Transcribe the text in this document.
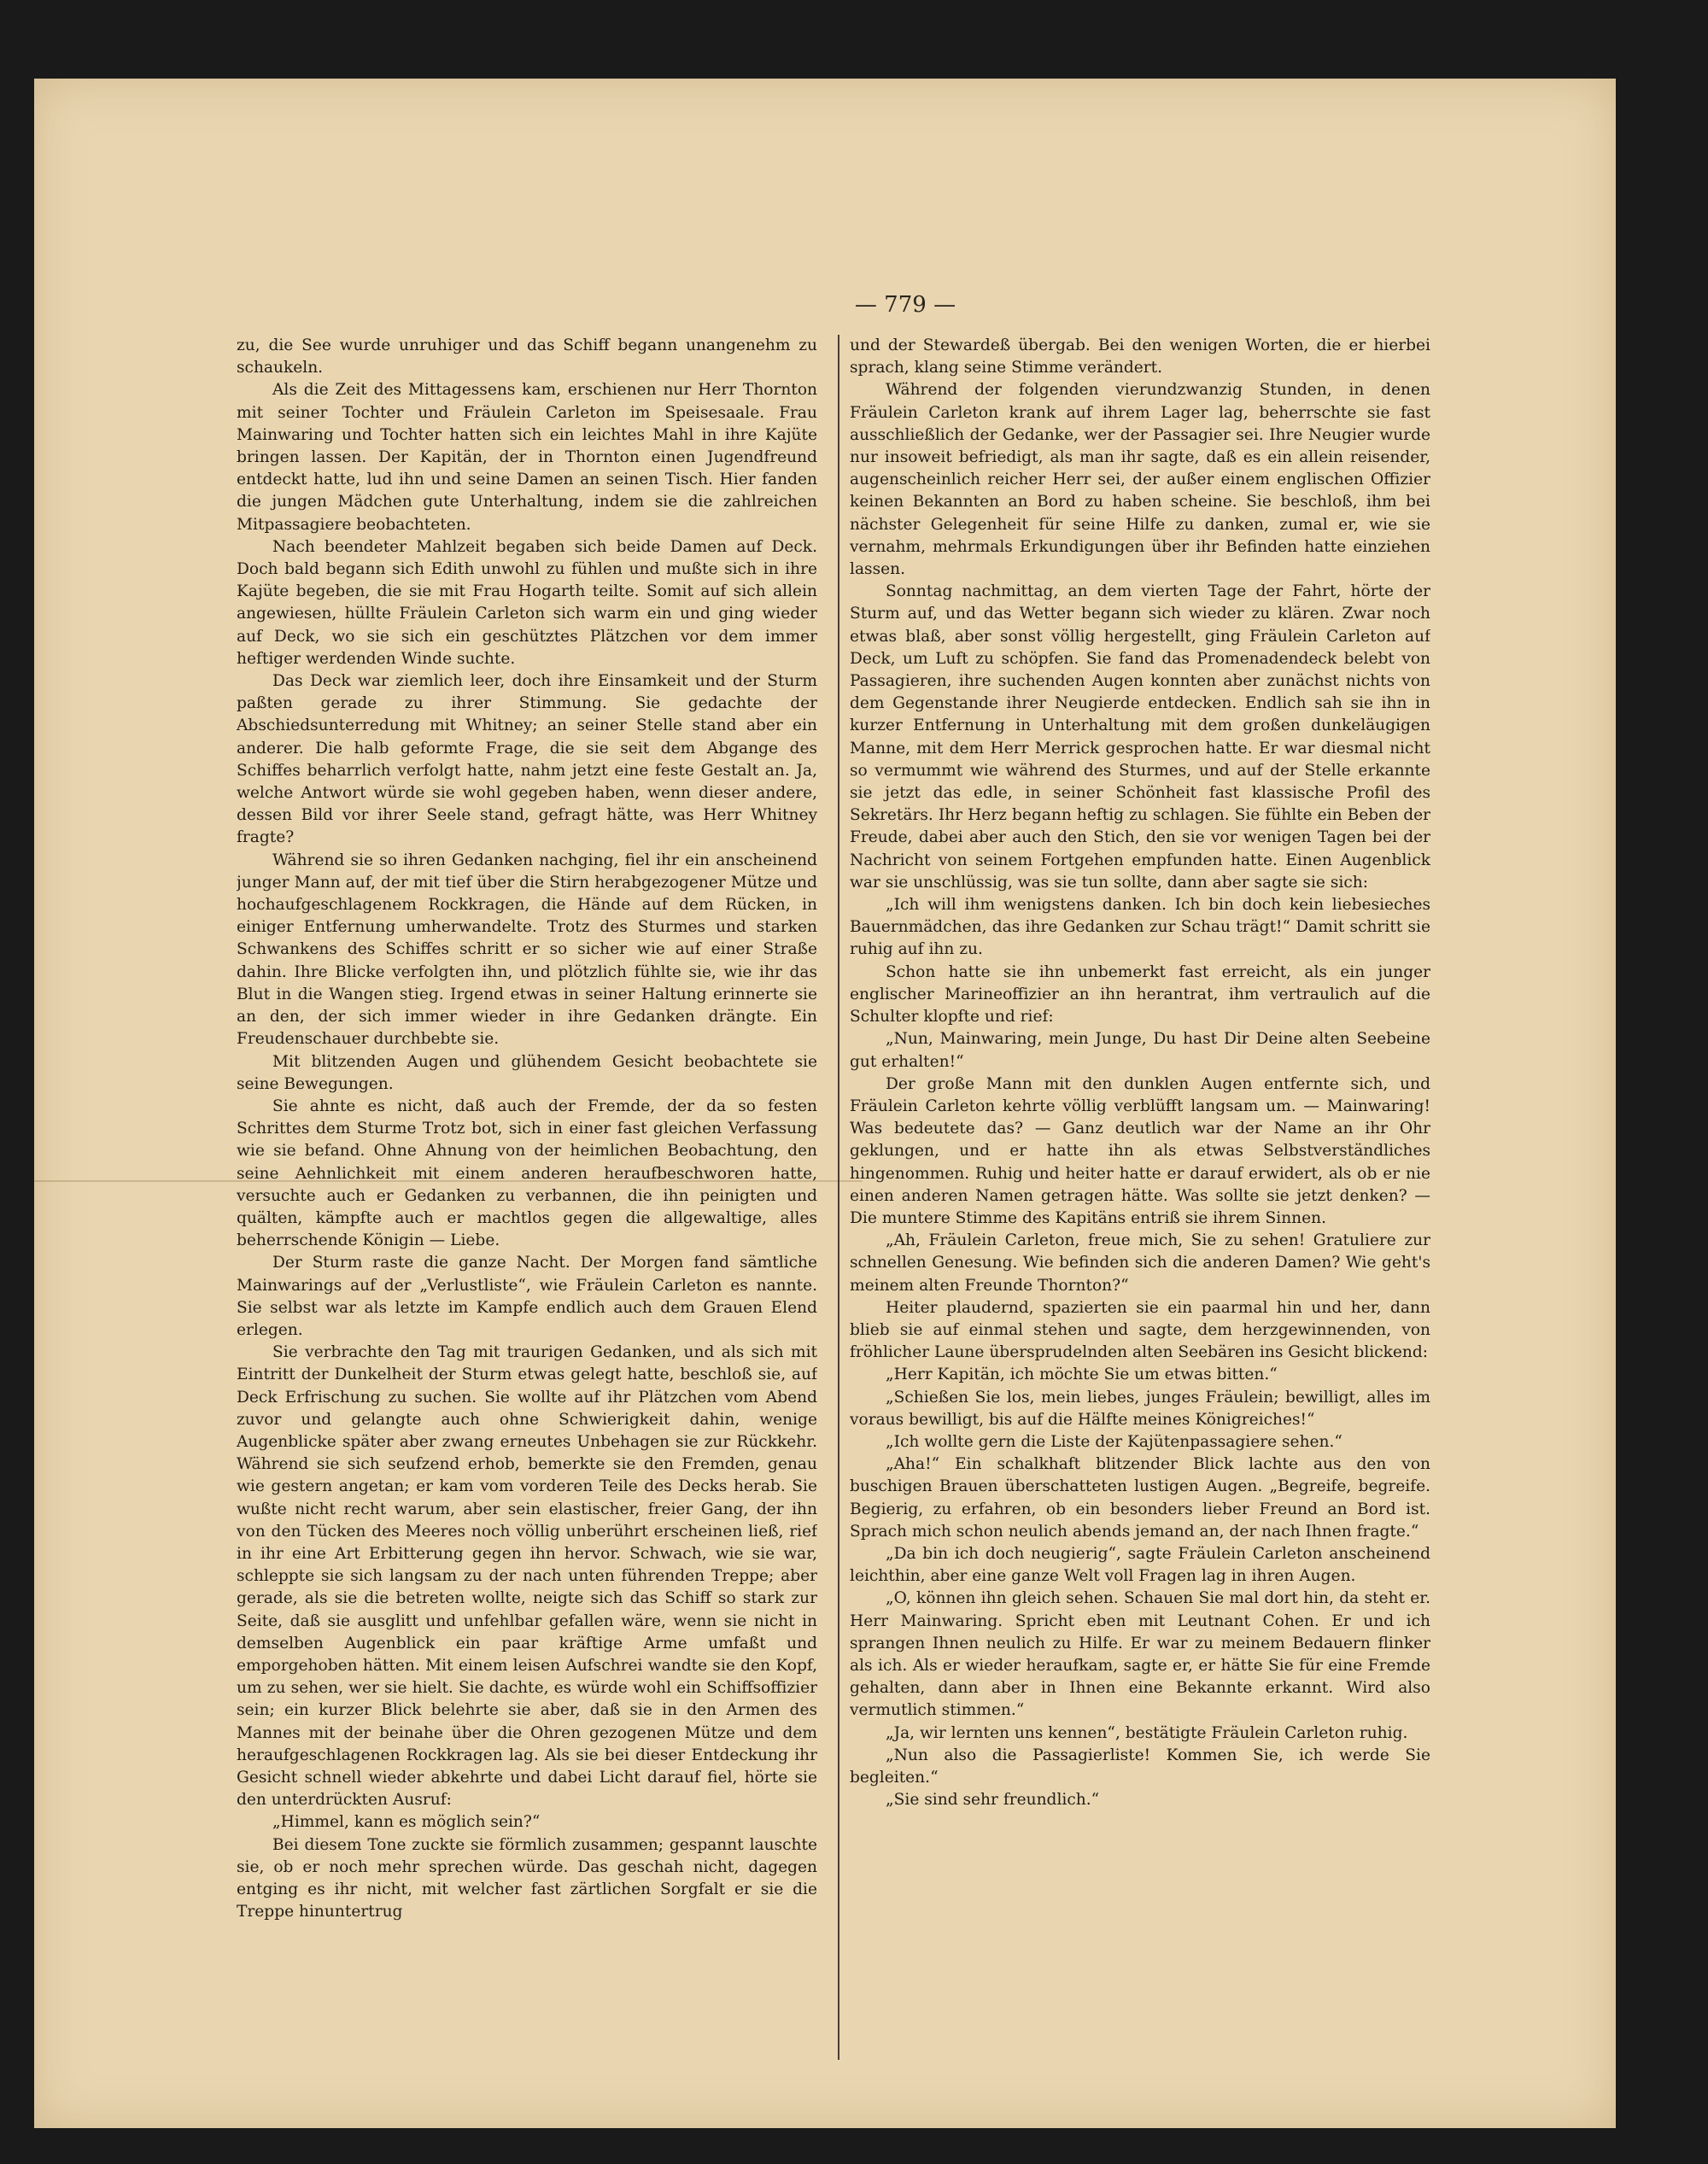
— 779 —

zu, die See wurde unruhiger und das Schiff begann unangenehm zu schaukeln.

Als die Zeit des Mittagessens kam, erschienen nur Herr Thornton mit seiner Tochter und Fräulein Carleton im Speisesaale. Frau Mainwaring und Tochter hatten sich ein leichtes Mahl in ihre Kajüte bringen lassen. Der Kapitän, der in Thornton einen Jugendfreund entdeckt hatte, lud ihn und seine Damen an seinen Tisch. Hier fanden die jungen Mädchen gute Unterhaltung, indem sie die zahlreichen Mitpassagiere beobachteten.

Nach beendeter Mahlzeit begaben sich beide Damen auf Deck. Doch bald begann sich Edith unwohl zu fühlen und mußte sich in ihre Kajüte begeben, die sie mit Frau Hogarth teilte. Somit auf sich allein angewiesen, hüllte Fräulein Carleton sich warm ein und ging wieder auf Deck, wo sie sich ein geschütztes Plätzchen vor dem immer heftiger werdenden Winde suchte.

Das Deck war ziemlich leer, doch ihre Einsamkeit und der Sturm paßten gerade zu ihrer Stimmung. Sie gedachte der Abschiedsunterredung mit Whitney; an seiner Stelle stand aber ein anderer. Die halb geformte Frage, die sie seit dem Abgange des Schiffes beharrlich verfolgt hatte, nahm jetzt eine feste Gestalt an. Ja, welche Antwort würde sie wohl gegeben haben, wenn dieser andere, dessen Bild vor ihrer Seele stand, gefragt hätte, was Herr Whitney fragte?

Während sie so ihren Gedanken nachging, fiel ihr ein anscheinend junger Mann auf, der mit tief über die Stirn herabgezogener Mütze und hochaufgeschlagenem Rockkragen, die Hände auf dem Rücken, in einiger Entfernung umherwandelte. Trotz des Sturmes und starken Schwankens des Schiffes schritt er so sicher wie auf einer Straße dahin. Ihre Blicke verfolgten ihn, und plötzlich fühlte sie, wie ihr das Blut in die Wangen stieg. Irgend etwas in seiner Haltung erinnerte sie an den, der sich immer wieder in ihre Gedanken drängte. Ein Freudenschauer durchbebte sie.

Mit blitzenden Augen und glühendem Gesicht beobachtete sie seine Bewegungen.

Sie ahnte es nicht, daß auch der Fremde, der da so festen Schrittes dem Sturme Trotz bot, sich in einer fast gleichen Verfassung wie sie befand. Ohne Ahnung von der heimlichen Beobachtung, den seine Aehnlichkeit mit einem anderen heraufbeschworen hatte, versuchte auch er Gedanken zu verbannen, die ihn peinigten und quälten, kämpfte auch er machtlos gegen die allgewaltige, alles beherrschende Königin — Liebe.

Der Sturm raste die ganze Nacht. Der Morgen fand sämtliche Mainwarings auf der „Verlustliste“, wie Fräulein Carleton es nannte. Sie selbst war als letzte im Kampfe endlich auch dem Grauen Elend erlegen.

Sie verbrachte den Tag mit traurigen Gedanken, und als sich mit Eintritt der Dunkelheit der Sturm etwas gelegt hatte, beschloß sie, auf Deck Erfrischung zu suchen. Sie wollte auf ihr Plätzchen vom Abend zuvor und gelangte auch ohne Schwierigkeit dahin, wenige Augenblicke später aber zwang erneutes Unbehagen sie zur Rückkehr. Während sie sich seufzend erhob, bemerkte sie den Fremden, genau wie gestern angetan; er kam vom vorderen Teile des Decks herab. Sie wußte nicht recht warum, aber sein elastischer, freier Gang, der ihn von den Tücken des Meeres noch völlig unberührt erscheinen ließ, rief in ihr eine Art Erbitterung gegen ihn hervor. Schwach, wie sie war, schleppte sie sich langsam zu der nach unten führenden Treppe; aber gerade, als sie die betreten wollte, neigte sich das Schiff so stark zur Seite, daß sie ausglitt und unfehlbar gefallen wäre, wenn sie nicht in demselben Augenblick ein paar kräftige Arme umfaßt und emporgehoben hätten. Mit einem leisen Aufschrei wandte sie den Kopf, um zu sehen, wer sie hielt. Sie dachte, es würde wohl ein Schiffsoffizier sein; ein kurzer Blick belehrte sie aber, daß sie in den Armen des Mannes mit der beinahe über die Ohren gezogenen Mütze und dem heraufgeschlagenen Rockkragen lag. Als sie bei dieser Entdeckung ihr Gesicht schnell wieder abkehrte und dabei Licht darauf fiel, hörte sie den unterdrückten Ausruf:

„Himmel, kann es möglich sein?“

Bei diesem Tone zuckte sie förmlich zusammen; gespannt lauschte sie, ob er noch mehr sprechen würde. Das geschah nicht, dagegen entging es ihr nicht, mit welcher fast zärtlichen Sorgfalt er sie die Treppe hinuntertrug

und der Stewardeß übergab. Bei den wenigen Worten, die er hierbei sprach, klang seine Stimme verändert.

Während der folgenden vierundzwanzig Stunden, in denen Fräulein Carleton krank auf ihrem Lager lag, beherrschte sie fast ausschließlich der Gedanke, wer der Passagier sei. Ihre Neugier wurde nur insoweit befriedigt, als man ihr sagte, daß es ein allein reisender, augenscheinlich reicher Herr sei, der außer einem englischen Offizier keinen Bekannten an Bord zu haben scheine. Sie beschloß, ihm bei nächster Gelegenheit für seine Hilfe zu danken, zumal er, wie sie vernahm, mehrmals Erkundigungen über ihr Befinden hatte einziehen lassen.

Sonntag nachmittag, an dem vierten Tage der Fahrt, hörte der Sturm auf, und das Wetter begann sich wieder zu klären. Zwar noch etwas blaß, aber sonst völlig hergestellt, ging Fräulein Carleton auf Deck, um Luft zu schöpfen. Sie fand das Promenadendeck belebt von Passagieren, ihre suchenden Augen konnten aber zunächst nichts von dem Gegenstande ihrer Neugierde entdecken. Endlich sah sie ihn in kurzer Entfernung in Unterhaltung mit dem großen dunkeläugigen Manne, mit dem Herr Merrick gesprochen hatte. Er war diesmal nicht so vermummt wie während des Sturmes, und auf der Stelle erkannte sie jetzt das edle, in seiner Schönheit fast klassische Profil des Sekretärs. Ihr Herz begann heftig zu schlagen. Sie fühlte ein Beben der Freude, dabei aber auch den Stich, den sie vor wenigen Tagen bei der Nachricht von seinem Fortgehen empfunden hatte. Einen Augenblick war sie unschlüssig, was sie tun sollte, dann aber sagte sie sich:

„Ich will ihm wenigstens danken. Ich bin doch kein liebesieches Bauernmädchen, das ihre Gedanken zur Schau trägt!“ Damit schritt sie ruhig auf ihn zu.

Schon hatte sie ihn unbemerkt fast erreicht, als ein junger englischer Marineoffizier an ihn herantrat, ihm vertraulich auf die Schulter klopfte und rief:

„Nun, Mainwaring, mein Junge, Du hast Dir Deine alten Seebeine gut erhalten!“

Der große Mann mit den dunklen Augen entfernte sich, und Fräulein Carleton kehrte völlig verblüfft langsam um. — Mainwaring! Was bedeutete das? — Ganz deutlich war der Name an ihr Ohr geklungen, und er hatte ihn als etwas Selbstverständliches hingenommen. Ruhig und heiter hatte er darauf erwidert, als ob er nie einen anderen Namen getragen hätte. Was sollte sie jetzt denken? — Die muntere Stimme des Kapitäns entriß sie ihrem Sinnen.

„Ah, Fräulein Carleton, freue mich, Sie zu sehen! Gratuliere zur schnellen Genesung. Wie befinden sich die anderen Damen? Wie geht's meinem alten Freunde Thornton?“

Heiter plaudernd, spazierten sie ein paarmal hin und her, dann blieb sie auf einmal stehen und sagte, dem herzgewinnenden, von fröhlicher Laune übersprudelnden alten Seebären ins Gesicht blickend:

„Herr Kapitän, ich möchte Sie um etwas bitten.“

„Schießen Sie los, mein liebes, junges Fräulein; bewilligt, alles im voraus bewilligt, bis auf die Hälfte meines Königreiches!“

„Ich wollte gern die Liste der Kajütenpassagiere sehen.“

„Aha!“ Ein schalkhaft blitzender Blick lachte aus den von buschigen Brauen überschatteten lustigen Augen. „Begreife, begreife. Begierig, zu erfahren, ob ein besonders lieber Freund an Bord ist. Sprach mich schon neulich abends jemand an, der nach Ihnen fragte.“

„Da bin ich doch neugierig“, sagte Fräulein Carleton anscheinend leichthin, aber eine ganze Welt voll Fragen lag in ihren Augen.

„O, können ihn gleich sehen. Schauen Sie mal dort hin, da steht er. Herr Mainwaring. Spricht eben mit Leutnant Cohen. Er und ich sprangen Ihnen neulich zu Hilfe. Er war zu meinem Bedauern flinker als ich. Als er wieder heraufkam, sagte er, er hätte Sie für eine Fremde gehalten, dann aber in Ihnen eine Bekannte erkannt. Wird also vermutlich stimmen.“

„Ja, wir lernten uns kennen“, bestätigte Fräulein Carleton ruhig.

„Nun also die Passagierliste! Kommen Sie, ich werde Sie begleiten.“

„Sie sind sehr freundlich.“
